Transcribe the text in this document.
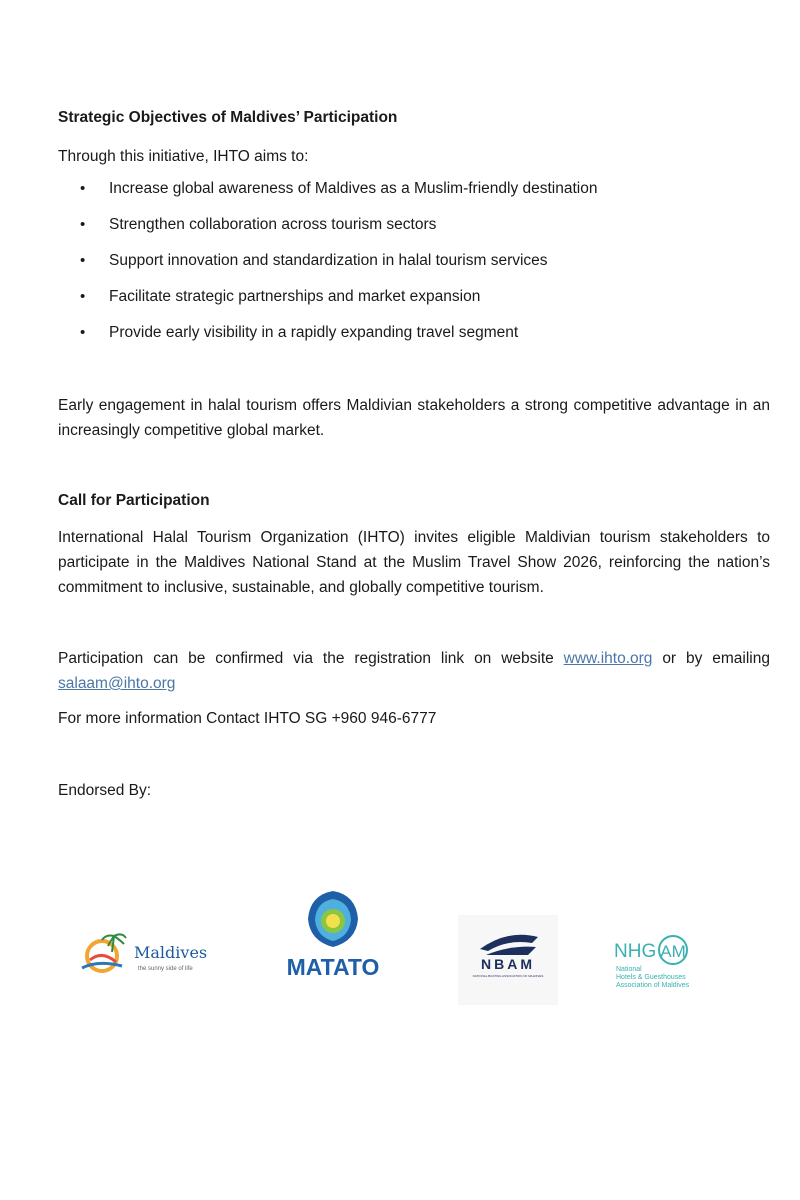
Strategic Objectives of Maldives’ Participation

Through this initiative, IHTO aims to:

• Increase global awareness of Maldives as a Muslim-friendly destination
• Strengthen collaboration across tourism sectors
• Support innovation and standardization in halal tourism services
• Facilitate strategic partnerships and market expansion
• Provide early visibility in a rapidly expanding travel segment

Early engagement in halal tourism offers Maldivian stakeholders a strong competitive advantage in an increasingly competitive global market.

Call for Participation

International Halal Tourism Organization (IHTO) invites eligible Maldivian tourism stakeholders to participate in the Maldives National Stand at the Muslim Travel Show 2026, reinforcing the nation’s commitment to inclusive, sustainable, and globally competitive tourism.

Participation can be confirmed via the registration link on website www.ihto.org or by emailing salaam@ihto.org

For more information Contact IHTO SG +960 946-6777

Endorsed By:

Maldives
the sunny side of life	MATATO	NBAM
NATIONAL BOATING ASSOCIATION OF MALDIVES
NHG AM
National
Hotels & Guesthouses
Association of Maldives
